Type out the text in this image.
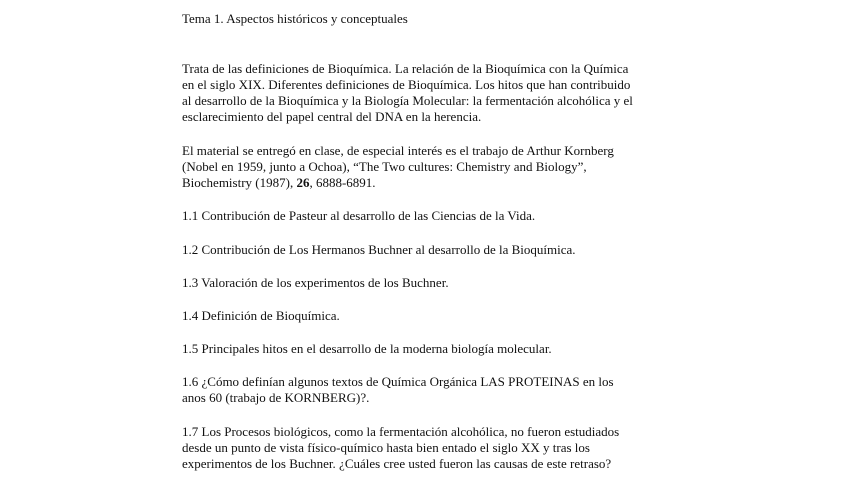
Tema 1. Aspectos históricos y conceptuales
Trata de las definiciones de Bioquímica. La relación de la Bioquímica con la Química
en el siglo XIX. Diferentes definiciones de Bioquímica. Los hitos que han contribuido
al desarrollo de la Bioquímica y la Biología Molecular: la fermentación alcohólica y el
esclarecimiento del papel central del DNA en la herencia.
El material se entregó en clase, de especial interés es el trabajo de Arthur Kornberg
(Nobel en 1959, junto a Ochoa), “The Two cultures: Chemistry and Biology”,
Biochemistry (1987), 26, 6888-6891.
1.1 Contribución de Pasteur al desarrollo de las Ciencias de la Vida.
1.2 Contribución de Los Hermanos Buchner al desarrollo de la Bioquímica.
1.3 Valoración de los experimentos de los Buchner.
1.4 Definición de Bioquímica.
1.5 Principales hitos en el desarrollo de la moderna biología molecular.
1.6 ¿Cómo definían algunos textos de Química Orgánica LAS PROTEINAS en los
anos 60 (trabajo de KORNBERG)?.
1.7 Los Procesos biológicos, como la fermentación alcohólica, no fueron estudiados
desde un punto de vista físico-químico hasta bien entado el siglo XX y tras los
experimentos de los Buchner. ¿Cuáles cree usted fueron las causas de este retraso?
